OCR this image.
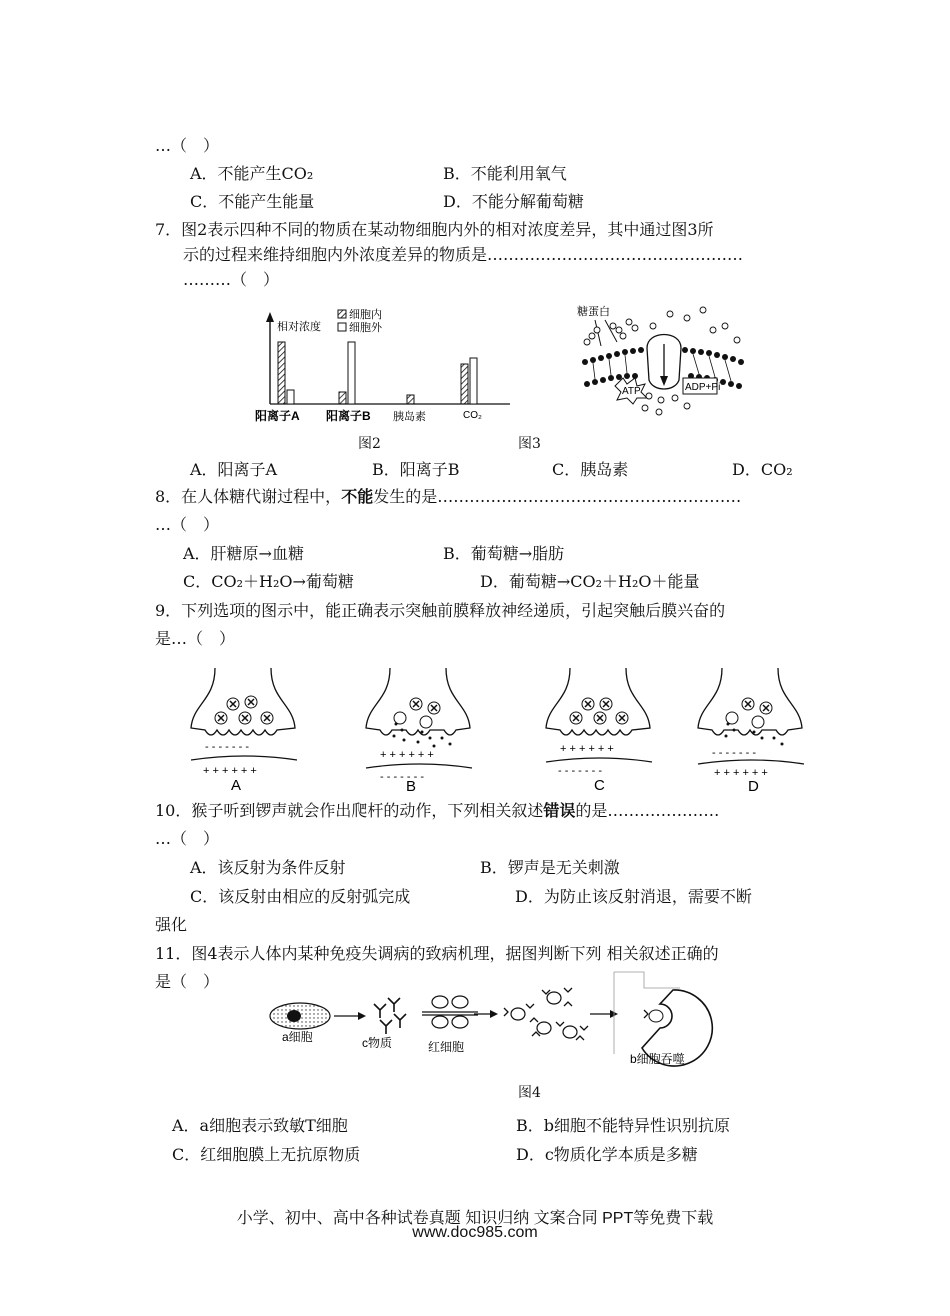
…（　）
A．不能产生CO₂	B．不能利用氧气
C．不能产生能量	D．不能分解葡萄糖
7．图2表示四种不同的物质在某动物细胞内外的相对浓度差异，其中通过图3所
示的过程来维持细胞内外浓度差异的物质是…………………………………………
………（　）
相对浓度
细胞内
细胞外
阳离子A 阳离子B 胰岛素	CO₂
图2
糖蛋白
ATP	ADP+Pi
图3
A．阳离子A	B．阳离子B	C．胰岛素	D．CO₂
8．在人体糖代谢过程中，不能发生的是…………………………………………………
…（　）
A．肝糖原→血糖	B．葡萄糖→脂肪
C．CO₂＋H₂O→葡萄糖	D．葡萄糖→CO₂＋H₂O＋能量
9．下列选项的图示中，能正确表示突触前膜释放神经递质，引起突触后膜兴奋的
是…（　）
- - - - - - -
+ + + + + +
A
+ + + + + +
- - - - - - -
B
+ + + + + +
- - - - - - -
C
- - - - - - -
+ + + + + +
D
10．猴子听到锣声就会作出爬杆的动作，下列相关叙述错误的是…………………
…（　）
A．该反射为条件反射	B．锣声是无关刺激
C．该反射由相应的反射弧完成	D．为防止该反射消退，需要不断
强化
11．图4表示人体内某种免疫失调病的致病机理，据图判断下列 相关叙述正确的
是（　）
a细胞	c物质	红细胞
b细胞吞噬
图4
A．a细胞表示致敏T细胞	B．b细胞不能特异性识别抗原
C．红细胞膜上无抗原物质	D．c物质化学本质是多糖
小学、初中、高中各种试卷真题 知识归纳 文案合同 PPT等免费下载
www.doc985.com
